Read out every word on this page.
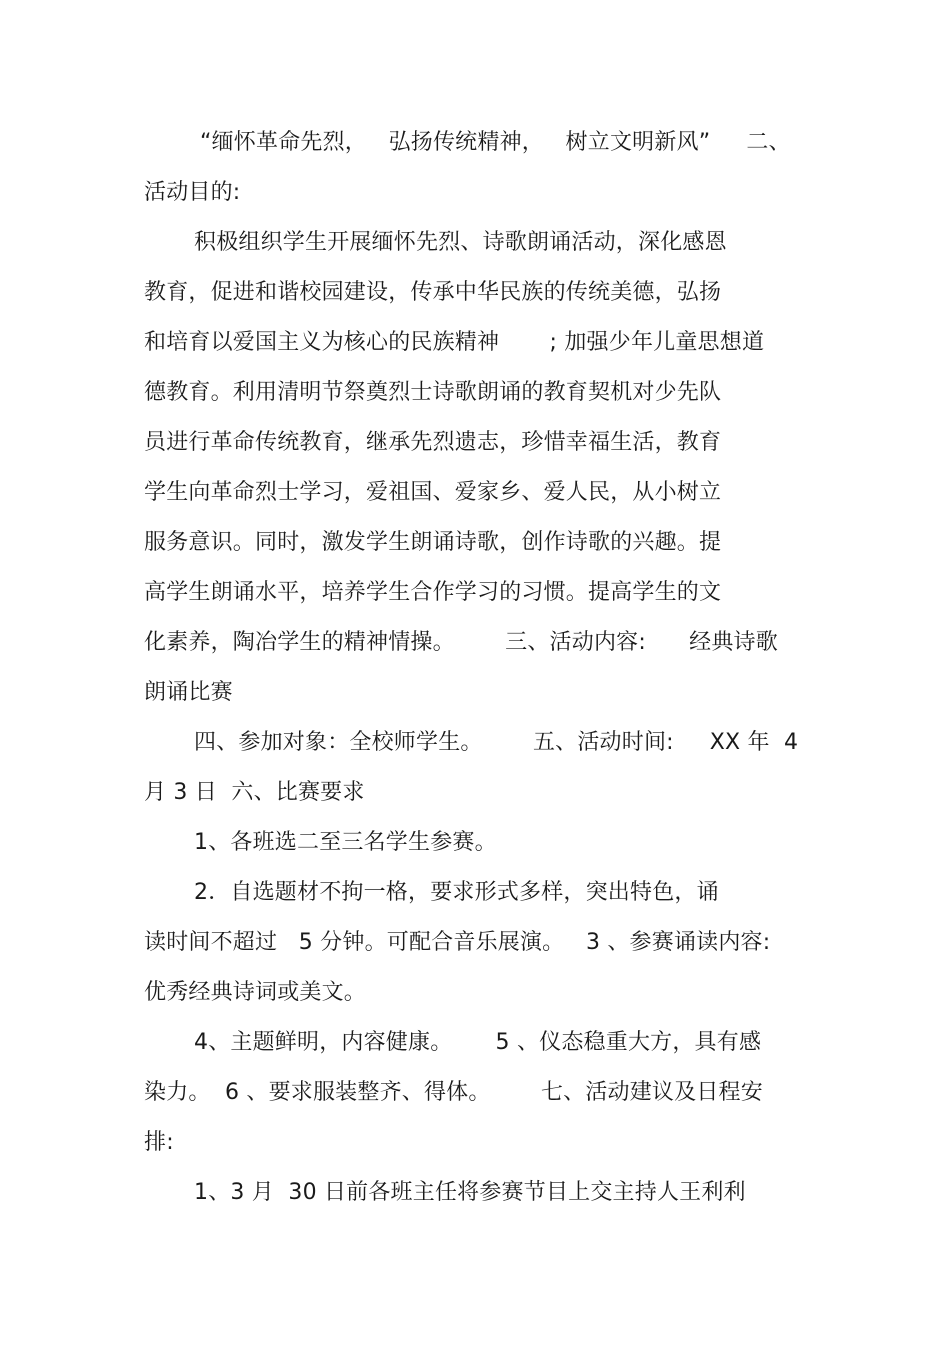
“缅怀革命先烈，   弘扬传统精神，   树立文明新风”     二、

活动目的:

积极组织学生开展缅怀先烈、诗歌朗诵活动，深化感恩

教育，促进和谐校园建设，传承中华民族的传统美德，弘扬

和培育以爱国主义为核心的民族精神       ; 加强少年儿童思想道

德教育。利用清明节祭奠烈士诗歌朗诵的教育契机对少先队

员进行革命传统教育，继承先烈遗志，珍惜幸福生活，教育

学生向革命烈士学习，爱祖国、爱家乡、爱人民，从小树立

服务意识。同时，激发学生朗诵诗歌，创作诗歌的兴趣。提

高学生朗诵水平，培养学生合作学习的习惯。提高学生的文

化素养，陶冶学生的精神情操。       三、活动内容:      经典诗歌

朗诵比赛

四、参加对象：全校师学生。       五、活动时间:     XX 年  4

月 3 日  六、比赛要求

1、各班选二至三名学生参赛。

2．自选题材不拘一格，要求形式多样，突出特色，诵

读时间不超过   5 分钟。可配合音乐展演。   3 、参赛诵读内容:

优秀经典诗词或美文。

4、主题鲜明，内容健康。      5 、仪态稳重大方，具有感

染力。  6 、要求服装整齐、得体。       七、活动建议及日程安

排:

1、3 月  30 日前各班主任将参赛节目上交主持人王利利
